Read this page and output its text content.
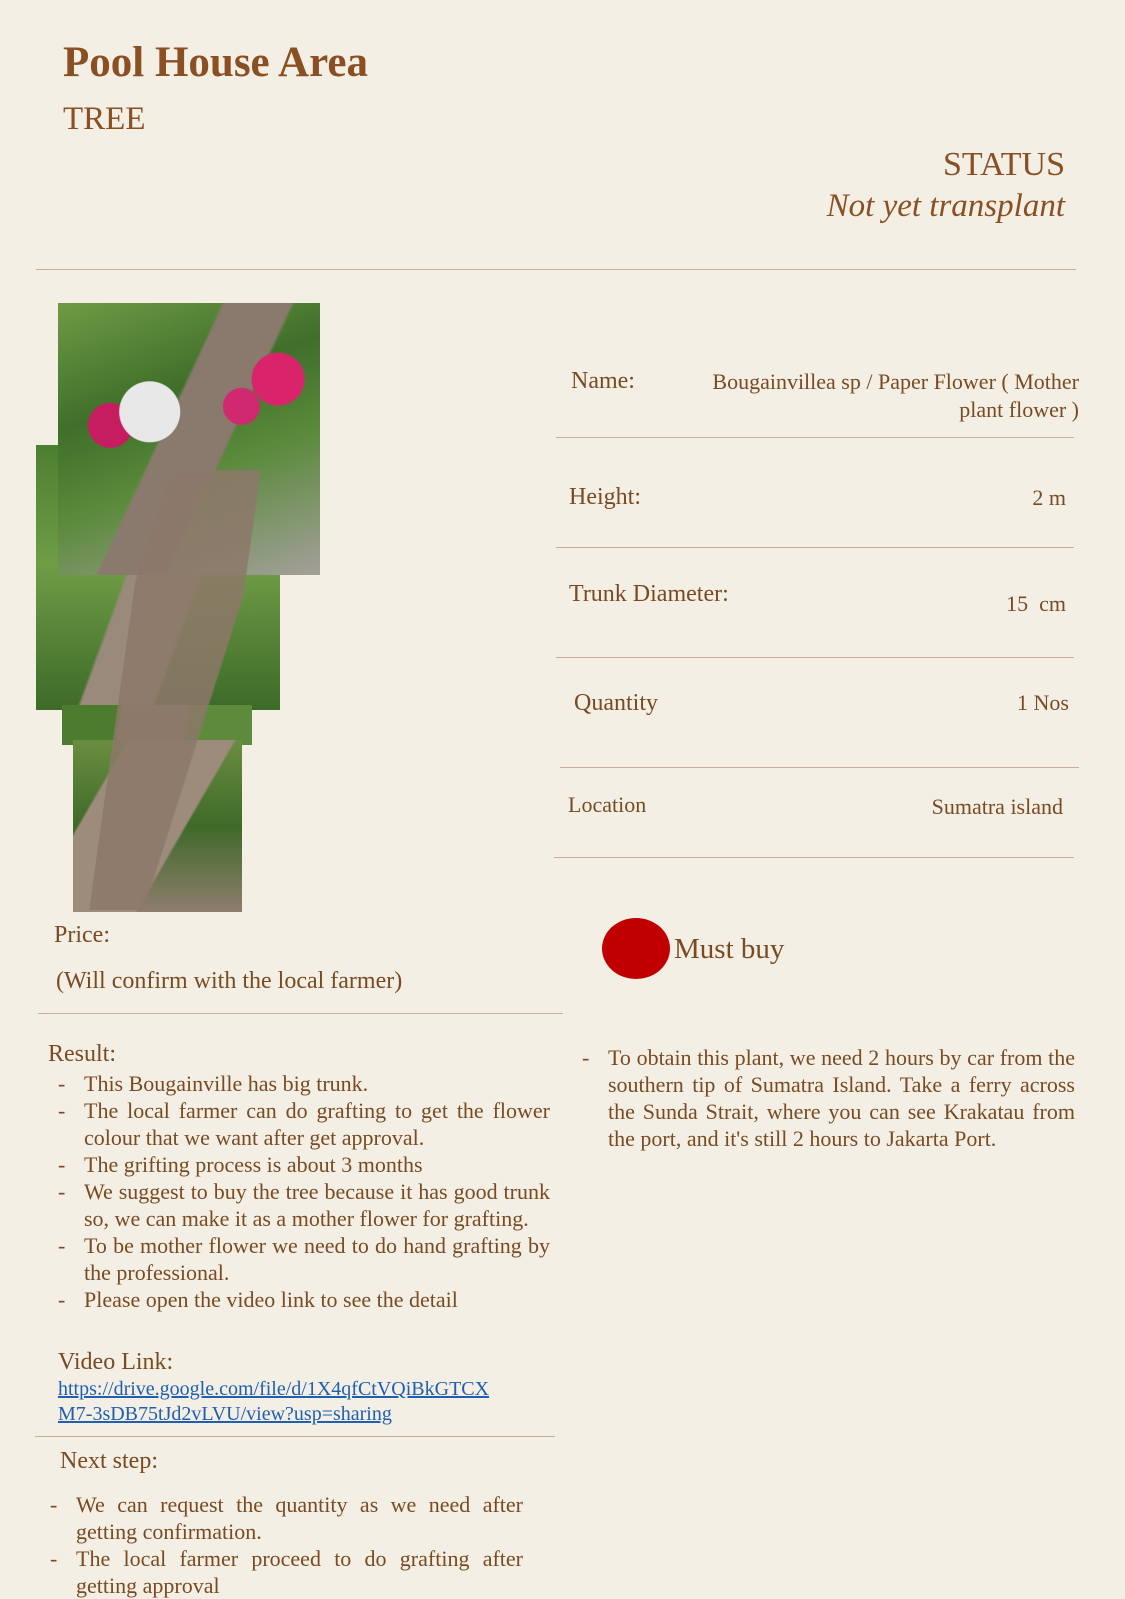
Pool House Area
TREE
STATUS
Not yet transplant
Name:	Bougainvillea sp / Paper Flower ( Mother
plant flower )
Height:	2 m
Trunk Diameter:	15  cm
Quantity	1 Nos
Location	Sumatra island
Price:
(Will confirm with the local farmer)
Must buy
Result:
- This Bougainville has big trunk.
- The local farmer can do grafting to get the flower colour that we want after get approval.
- The grifting process is about 3 months
- We suggest to buy the tree because it has good trunk so, we can make it as a mother flower for grafting.
- To be mother flower we need to do hand grafting by the professional.
- Please open the video link to see the detail
Video Link:
https://drive.google.com/file/d/1X4qfCtVQiBkGTCX
M7-3sDB75tJd2vLVU/view?usp=sharing
- To obtain this plant, we need 2 hours by car from the southern tip of Sumatra Island. Take a ferry across the Sunda Strait, where you can see Krakatau from the port, and it's still 2 hours to Jakarta Port.
Next step:
- We can request the quantity as we need after getting confirmation.
- The local farmer proceed to do grafting after getting approval
